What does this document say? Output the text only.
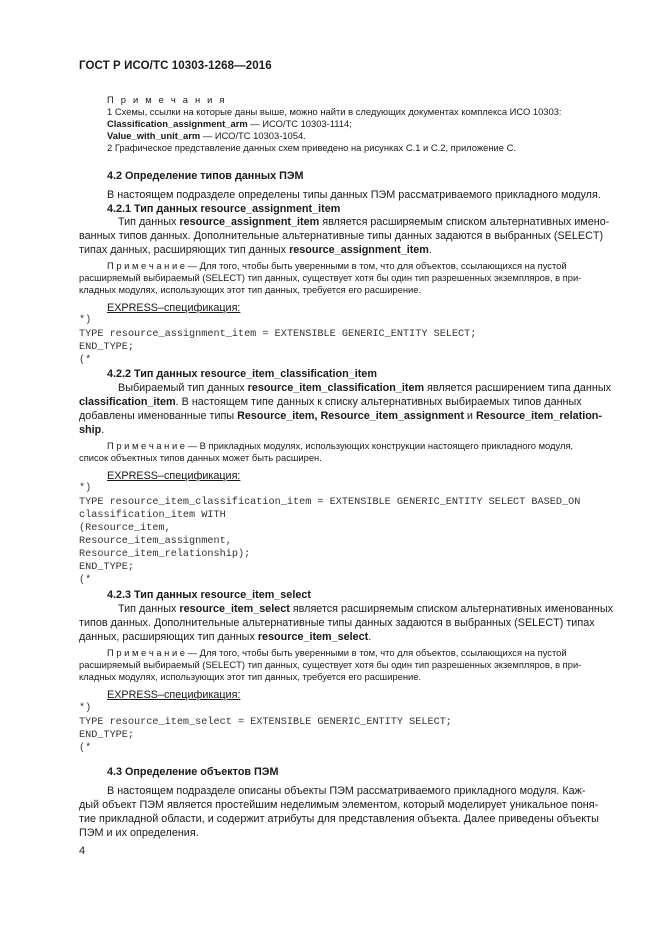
ГОСТ Р ИСО/ТС 10303-1268—2016
П р и м е ч а н и я
1 Схемы, ссылки на которые даны выше, можно найти в следующих документах комплекса ИСО 10303:
Classification_assignment_arm — ИСО/ТС 10303-1114;
Value_with_unit_arm — ИСО/ТС 10303-1054.
2 Графическое представление данных схем приведено на рисунках С.1 и С.2, приложение С.
4.2 Определение типов данных ПЭМ
В настоящем подразделе определены типы данных ПЭМ рассматриваемого прикладного модуля.
4.2.1 Тип данных resource_assignment_item
Тип данных resource_assignment_item является расширяемым списком альтернативных имено-
ванных типов данных. Дополнительные альтернативные типы данных задаются в выбранных (SELECT)
типах данных, расширяющих тип данных resource_assignment_item.
П р и м е ч а н и е — Для того, чтобы быть уверенными в том, что для объектов, ссылающихся на пустой
расширяемый выбираемый (SELECT) тип данных, существует хотя бы один тип разрешенных экземпляров, в при-
кладных модулях, использующих этот тип данных, требуется его расширение.
EXPRESS–спецификация:
*)
TYPE resource_assignment_item = EXTENSIBLE GENERIC_ENTITY SELECT;
END_TYPE;
(*
4.2.2 Тип данных resource_item_classification_item
Выбираемый тип данных resource_item_classification_item является расширением типа данных
classification_item. В настоящем типе данных к списку альтернативных выбираемых типов данных
добавлены именованные типы Resource_item, Resource_item_assignment и Resource_item_relation-
ship.
П р и м е ч а н и е — В прикладных модулях, использующих конструкции настоящего прикладного модуля,
список объектных типов данных может быть расширен.
EXPRESS–спецификация:
*)
TYPE resource_item_classification_item = EXTENSIBLE GENERIC_ENTITY SELECT BASED_ON
classification_item WITH
(Resource_item,
Resource_item_assignment,
Resource_item_relationship);
END_TYPE;
(*
4.2.3 Тип данных resource_item_select
Тип данных resource_item_select является расширяемым списком альтернативных именованных
типов данных. Дополнительные альтернативные типы данных задаются в выбранных (SELECT) типах
данных, расширяющих тип данных resource_item_select.
П р и м е ч а н и е — Для того, чтобы быть уверенными в том, что для объектов, ссылающихся на пустой
расширяемый выбираемый (SELECT) тип данных, существует хотя бы один тип разрешенных экземпляров, в при-
кладных модулях, использующих этот тип данных, требуется его расширение.
EXPRESS–спецификация:
*)
TYPE resource_item_select = EXTENSIBLE GENERIC_ENTITY SELECT;
END_TYPE;
(*
4.3 Определение объектов ПЭМ
В настоящем подразделе описаны объекты ПЭМ рассматриваемого прикладного модуля. Каж-
дый объект ПЭМ является простейшим неделимым элементом, который моделирует уникальное поня-
тие прикладной области, и содержит атрибуты для представления объекта. Далее приведены объекты
ПЭМ и их определения.
4
